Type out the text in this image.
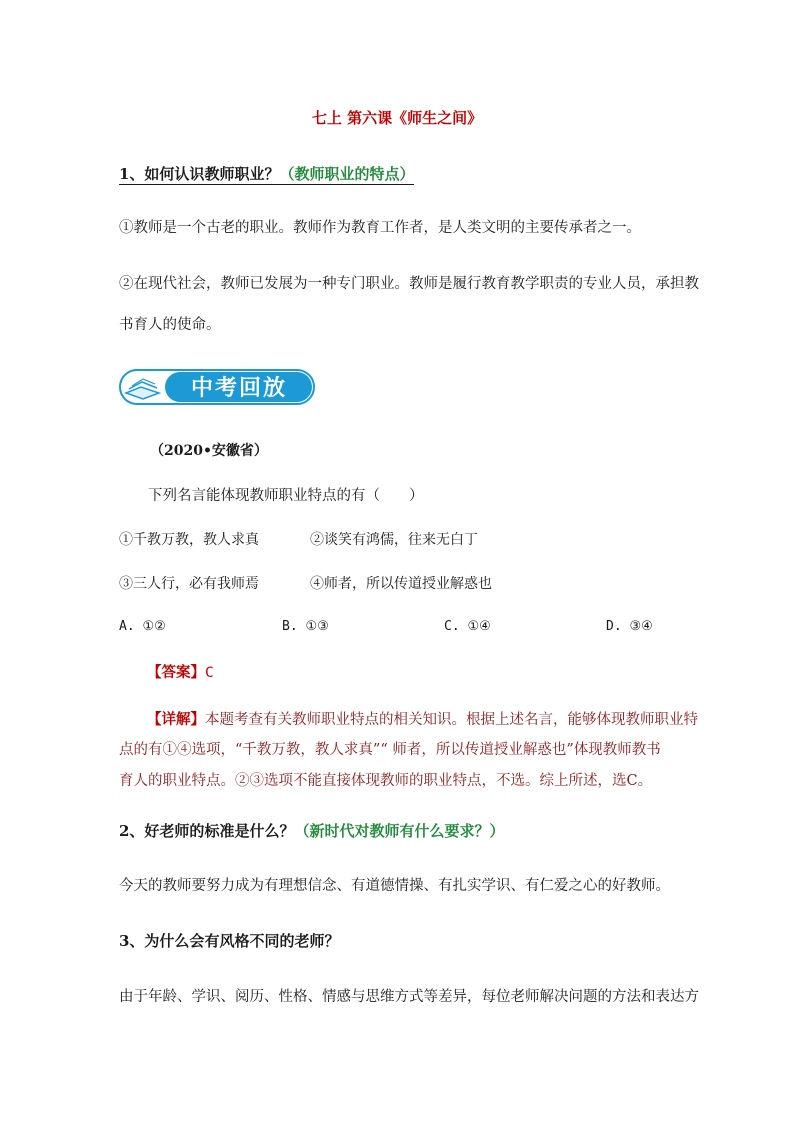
七上 第六课《师生之间》
1、如何认识教师职业？（教师职业的特点）
①教师是一个古老的职业。教师作为教育工作者，是人类文明的主要传承者之一。
②在现代社会，教师已发展为一种专门职业。教师是履行教育教学职责的专业人员，承担教
书育人的使命。
中考回放
（2020•安徽省）
下列名言能体现教师职业特点的有（　　）
①千教万教，教人求真	②谈笑有鸿儒，往来无白丁
③三人行，必有我师焉	④师者，所以传道授业解惑也
A. ①②	B. ①③	C. ①④	D. ③④
【答案】C
【详解】本题考查有关教师职业特点的相关知识。根据上述名言，能够体现教师职业特
点的有①④选项，“千教万教，教人求真”“ 师者，所以传道授业解惑也”体现教师教书
育人的职业特点。②③选项不能直接体现教师的职业特点，不选。综上所述，选C。
2、好老师的标准是什么？（新时代对教师有什么要求？）
今天的教师要努力成为有理想信念、有道德情操、有扎实学识、有仁爱之心的好教师。
3、为什么会有风格不同的老师？
由于年龄、学识、阅历、性格、情感与思维方式等差异，每位老师解决问题的方法和表达方
